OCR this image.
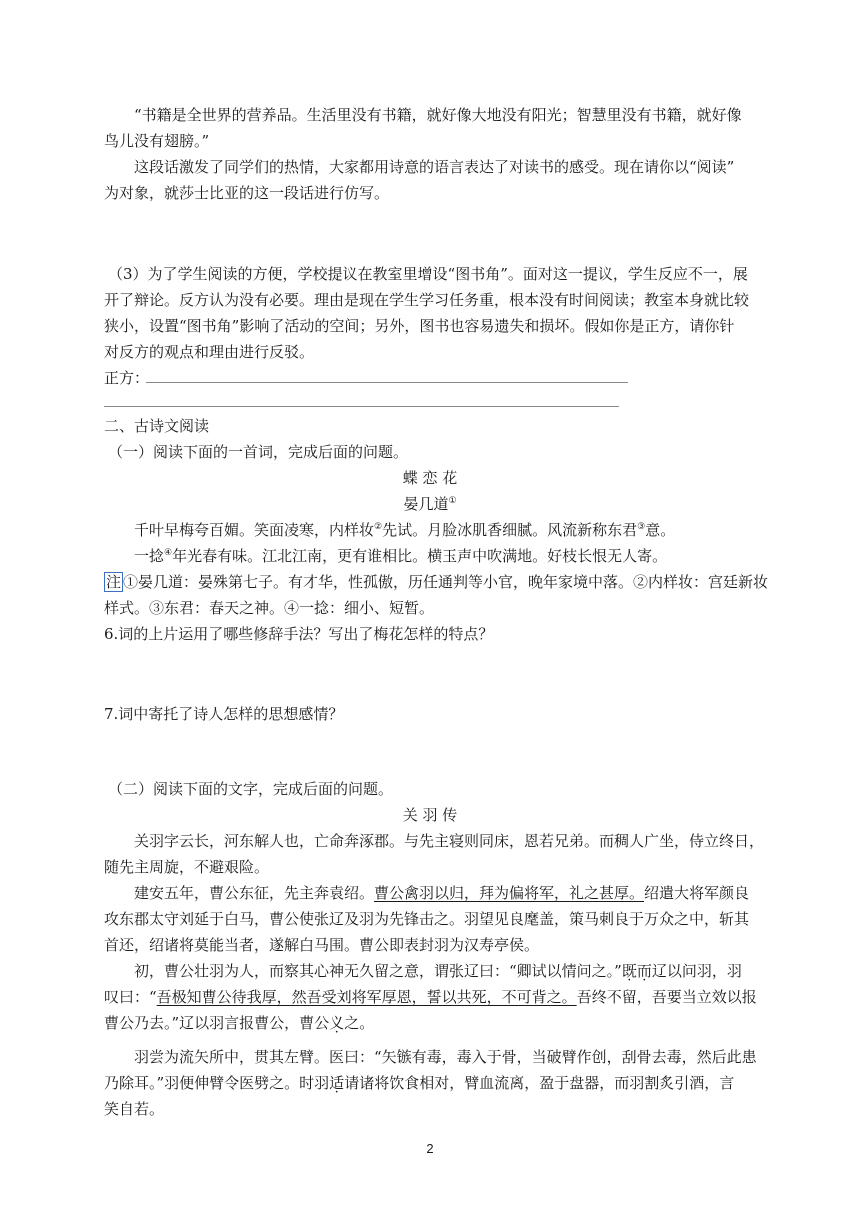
“书籍是全世界的营养品。生活里没有书籍，就好像大地没有阳光；智慧里没有书籍，就好像
鸟儿没有翅膀。”
这段话激发了同学们的热情，大家都用诗意的语言表达了对读书的感受。现在请你以“阅读”
为对象，就莎士比亚的这一段话进行仿写。
（3）为了学生阅读的方便，学校提议在教室里增设“图书角”。面对这一提议，学生反应不一，展
开了辩论。反方认为没有必要。理由是现在学生学习任务重，根本没有时间阅读；教室本身就比较
狭小，设置“图书角”影响了活动的空间；另外，图书也容易遗失和损坏。假如你是正方，请你针
对反方的观点和理由进行反驳。
正方：
二、古诗文阅读
（一）阅读下面的一首词，完成后面的问题。
蝶 恋 花
晏几道①
千叶早梅夸百媚。笑面凌寒，内样妆②先试。月脸冰肌香细腻。风流新称东君③意。
一捻④年光春有味。江北江南，更有谁相比。横玉声中吹满地。好枝长恨无人寄。
注 ①晏几道：晏殊第七子。有才华，性孤傲，历任通判等小官，晚年家境中落。②内样妆：宫廷新妆
样式。③东君：春天之神。④一捻：细小、短暂。
6.词的上片运用了哪些修辞手法？写出了梅花怎样的特点？
7.词中寄托了诗人怎样的思想感情？
（二）阅读下面的文字，完成后面的问题。
关 羽 传
关羽字云长，河东解人也，亡命奔涿郡。与先主寝则同床，恩若兄弟。而稠人广坐，侍立终日，
随先主周旋，不避艰险。
建安五年，曹公东征，先主奔袁绍。曹公禽羽以归，拜为偏将军，礼之甚厚。绍遣大将军颜良
攻东郡太守刘延于白马，曹公使张辽及羽为先锋击之。羽望见良麾盖，策马刺良于万众之中，斩其
首还，绍诸将莫能当者，遂解白马围。曹公即表封羽为汉寿亭侯。
初，曹公壮羽为人，而察其心神无久留之意，谓张辽曰：“卿试以情问之。”既而辽以问羽，羽
叹曰：“吾极知曹公待我厚，然吾受刘将军厚恩，誓以共死，不可背之。吾终不留，吾要当立效以报
曹公乃去。”辽以羽言报曹公，曹公义之。
羽尝为流矢所中，贯其左臂。医曰：“矢镞有毒，毒入于骨，当破臂作创，刮骨去毒，然后此患
乃除耳。”羽便伸臂令医劈之。时羽适请诸将饮食相对，臂血流离，盈于盘器，而羽割炙引酒，言
笑自若。
2
